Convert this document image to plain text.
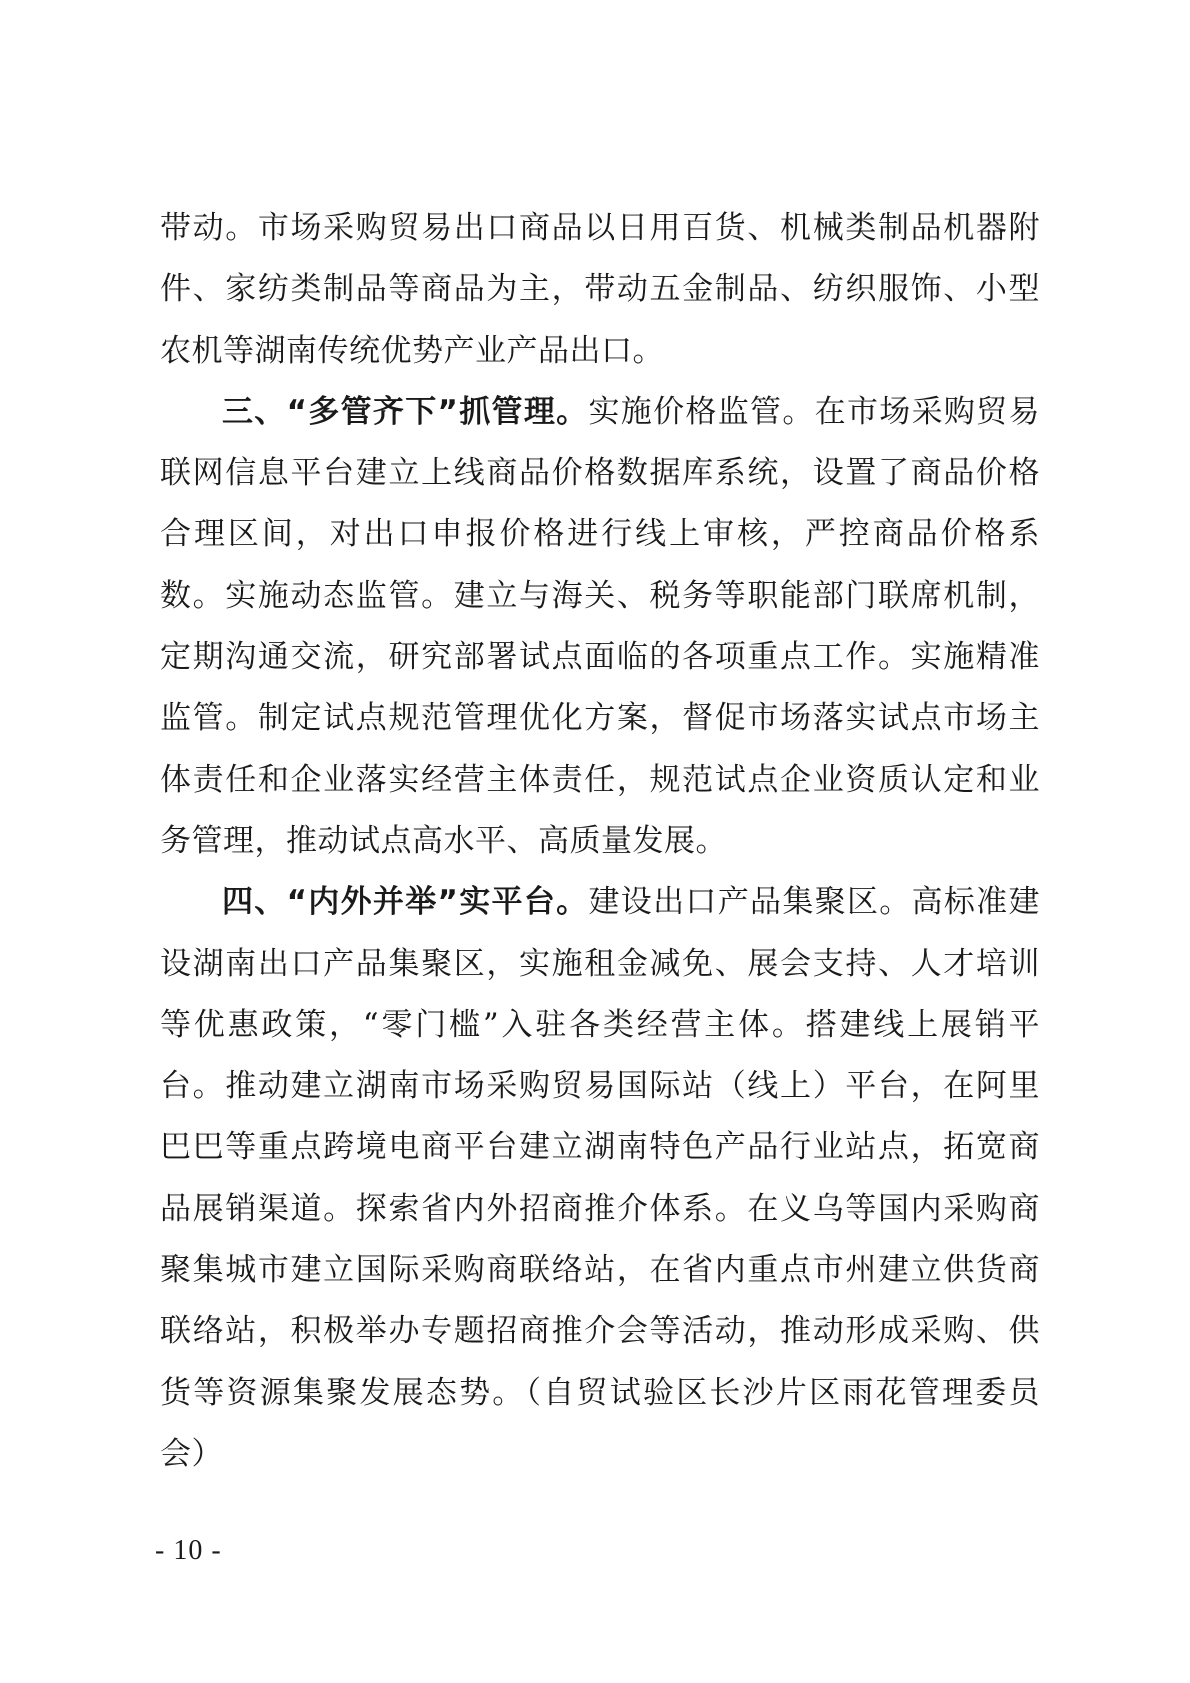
带动。市场采购贸易出口商品以日用百货、机械类制品机器附件、家纺类制品等商品为主，带动五金制品、纺织服饰、小型农机等湖南传统优势产业产品出口。

三、“多管齐下”抓管理。实施价格监管。在市场采购贸易联网信息平台建立上线商品价格数据库系统，设置了商品价格合理区间，对出口申报价格进行线上审核，严控商品价格系数。实施动态监管。建立与海关、税务等职能部门联席机制，定期沟通交流，研究部署试点面临的各项重点工作。实施精准监管。制定试点规范管理优化方案，督促市场落实试点市场主体责任和企业落实经营主体责任，规范试点企业资质认定和业务管理，推动试点高水平、高质量发展。

四、“内外并举”实平台。建设出口产品集聚区。高标准建设湖南出口产品集聚区，实施租金减免、展会支持、人才培训等优惠政策，“零门槛”入驻各类经营主体。搭建线上展销平台。推动建立湖南市场采购贸易国际站（线上）平台，在阿里巴巴等重点跨境电商平台建立湖南特色产品行业站点，拓宽商品展销渠道。探索省内外招商推介体系。在义乌等国内采购商聚集城市建立国际采购商联络站，在省内重点市州建立供货商联络站，积极举办专题招商推介会等活动，推动形成采购、供货等资源集聚发展态势。（自贸试验区长沙片区雨花管理委员会）

- 10 -
